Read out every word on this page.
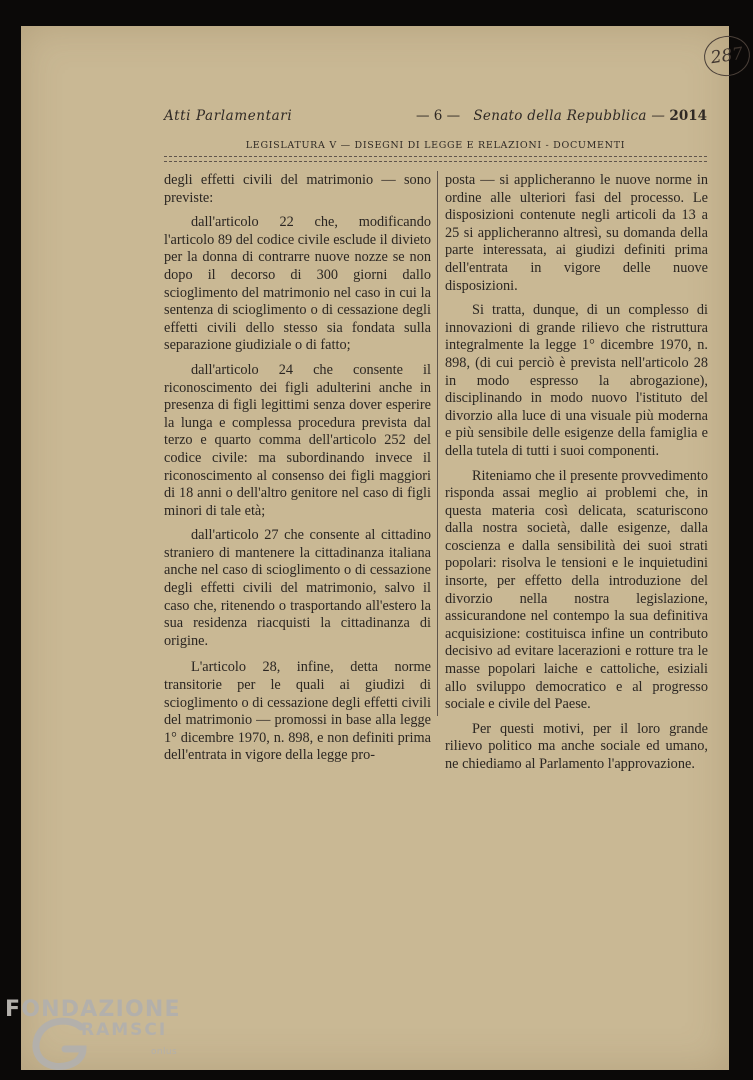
287
Atti Parlamentari	— 6 — Senato della Repubblica — 2014
LEGISLATURA V — DISEGNI DI LEGGE E RELAZIONI - DOCUMENTI

degli effetti civili del matrimonio — sono previste:

dall'articolo 22 che, modificando l'articolo 89 del codice civile esclude il divieto per la donna di contrarre nuove nozze se non dopo il decorso di 300 giorni dallo scioglimento del matrimonio nel caso in cui la sentenza di scioglimento o di cessazione degli effetti civili dello stesso sia fondata sulla separazione giudiziale o di fatto;

dall'articolo 24 che consente il riconoscimento dei figli adulterini anche in presenza di figli legittimi senza dover esperire la lunga e complessa procedura prevista dal terzo e quarto comma dell'articolo 252 del codice civile: ma subordinando invece il riconoscimento al consenso dei figli maggiori di 18 anni o dell'altro genitore nel caso di figli minori di tale età;

dall'articolo 27 che consente al cittadino straniero di mantenere la cittadinanza italiana anche nel caso di scioglimento o di cessazione degli effetti civili del matrimonio, salvo il caso che, ritenendo o trasportando all'estero la sua residenza riacquisti la cittadinanza di origine.

L'articolo 28, infine, detta norme transitorie per le quali ai giudizi di scioglimento o di cessazione degli effetti civili del matrimonio — promossi in base alla legge 1° dicembre 1970, n. 898, e non definiti prima dell'entrata in vigore della legge pro-

posta — si applicheranno le nuove norme in ordine alle ulteriori fasi del processo. Le disposizioni contenute negli articoli da 13 a 25 si applicheranno altresì, su domanda della parte interessata, ai giudizi definiti prima dell'entrata in vigore delle nuove disposizioni.

Si tratta, dunque, di un complesso di innovazioni di grande rilievo che ristruttura integralmente la legge 1° dicembre 1970, n. 898, (di cui perciò è prevista nell'articolo 28 in modo espresso la abrogazione), disciplinando in modo nuovo l'istituto del divorzio alla luce di una visuale più moderna e più sensibile delle esigenze della famiglia e della tutela di tutti i suoi componenti.

Riteniamo che il presente provvedimento risponda assai meglio ai problemi che, in questa materia così delicata, scaturiscono dalla nostra società, dalle esigenze, dalla coscienza e dalla sensibilità dei suoi strati popolari: risolva le tensioni e le inquietudini insorte, per effetto della introduzione del divorzio nella nostra legislazione, assicurandone nel contempo la sua definitiva acquisizione: costituisca infine un contributo decisivo ad evitare lacerazioni e rotture tra le masse popolari laiche e cattoliche, esiziali allo sviluppo democratico e al progresso sociale e civile del Paese.

Per questi motivi, per il loro grande rilievo politico ma anche sociale ed umano, ne chiediamo al Parlamento l'approvazione.

FONDAZIONE
RAMSCI
onlus
